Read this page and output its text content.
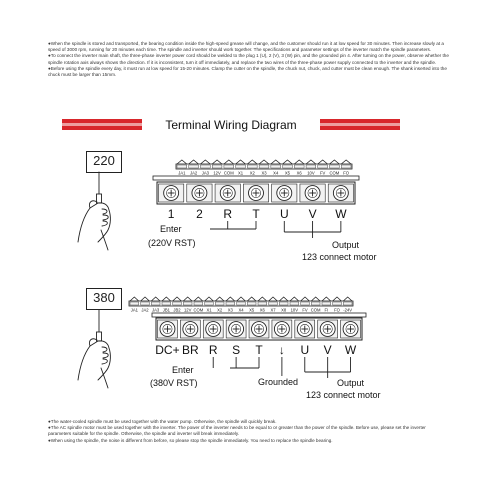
●When the spindle is stored and transported, the bearing condition inside the high-speed grease will change, and the customer should run it at low speed for 30 minutes. Then increase slowly at a speed of 3000 rpm, running for 20 minutes each time. The spindle and inverter should work together. The specifications and parameter settings of the inverter match the spindle parameters.

●To connect the inverter main shaft, the three-phase inverter power cord should be welded to the plug 1 (U), 2 (V), 3 (W) pin, and the grounded pin 4. After turning on the power, observe whether the spindle rotation axis always shows the direction. If it is inconsistent, turn it off immediately, and replace the two wires of the three-phase power supply connected to the inverter and the spindle.

●Before using the spindle every day, it must run at low speed for 15-20 minutes. Clamp the cutter on the spindle, the chuck nut, chuck, and cutter must be clean enough. The shank inserted into the chuck must be larger than 15mm.

Terminal Wiring Diagram
220
380
JA1 JA2 JA3 12V COM X1 X2 X3 X4 X5 X6 10V FV COM FO
1 2 R T U V W
JA1 JA2 JA3 JB1 JB2 12V COM X1 X2 X3 X4 X5 X6 X7 X8 10V FV COM FI FO -24V
DC+ BR R S T ↓ U V W
Enter
(220V RST)	Output
123 connect motor
Enter
(380V RST)	Grounded	Output
123 connect motor

●The water-cooled spindle must be used together with the water pump. Otherwise, the spindle will quickly break.

●The AC spindle motor must be used together with the inverter. The power of the inverter needs to be equal to or greater than the power of the spindle. Before use, please set the inverter parameters suitable for the spindle. Otherwise, the spindle and inverter will break immediately.

●When using the spindle, the noise is different from before, so please stop the spindle immediately. You need to replace the spindle bearing.
